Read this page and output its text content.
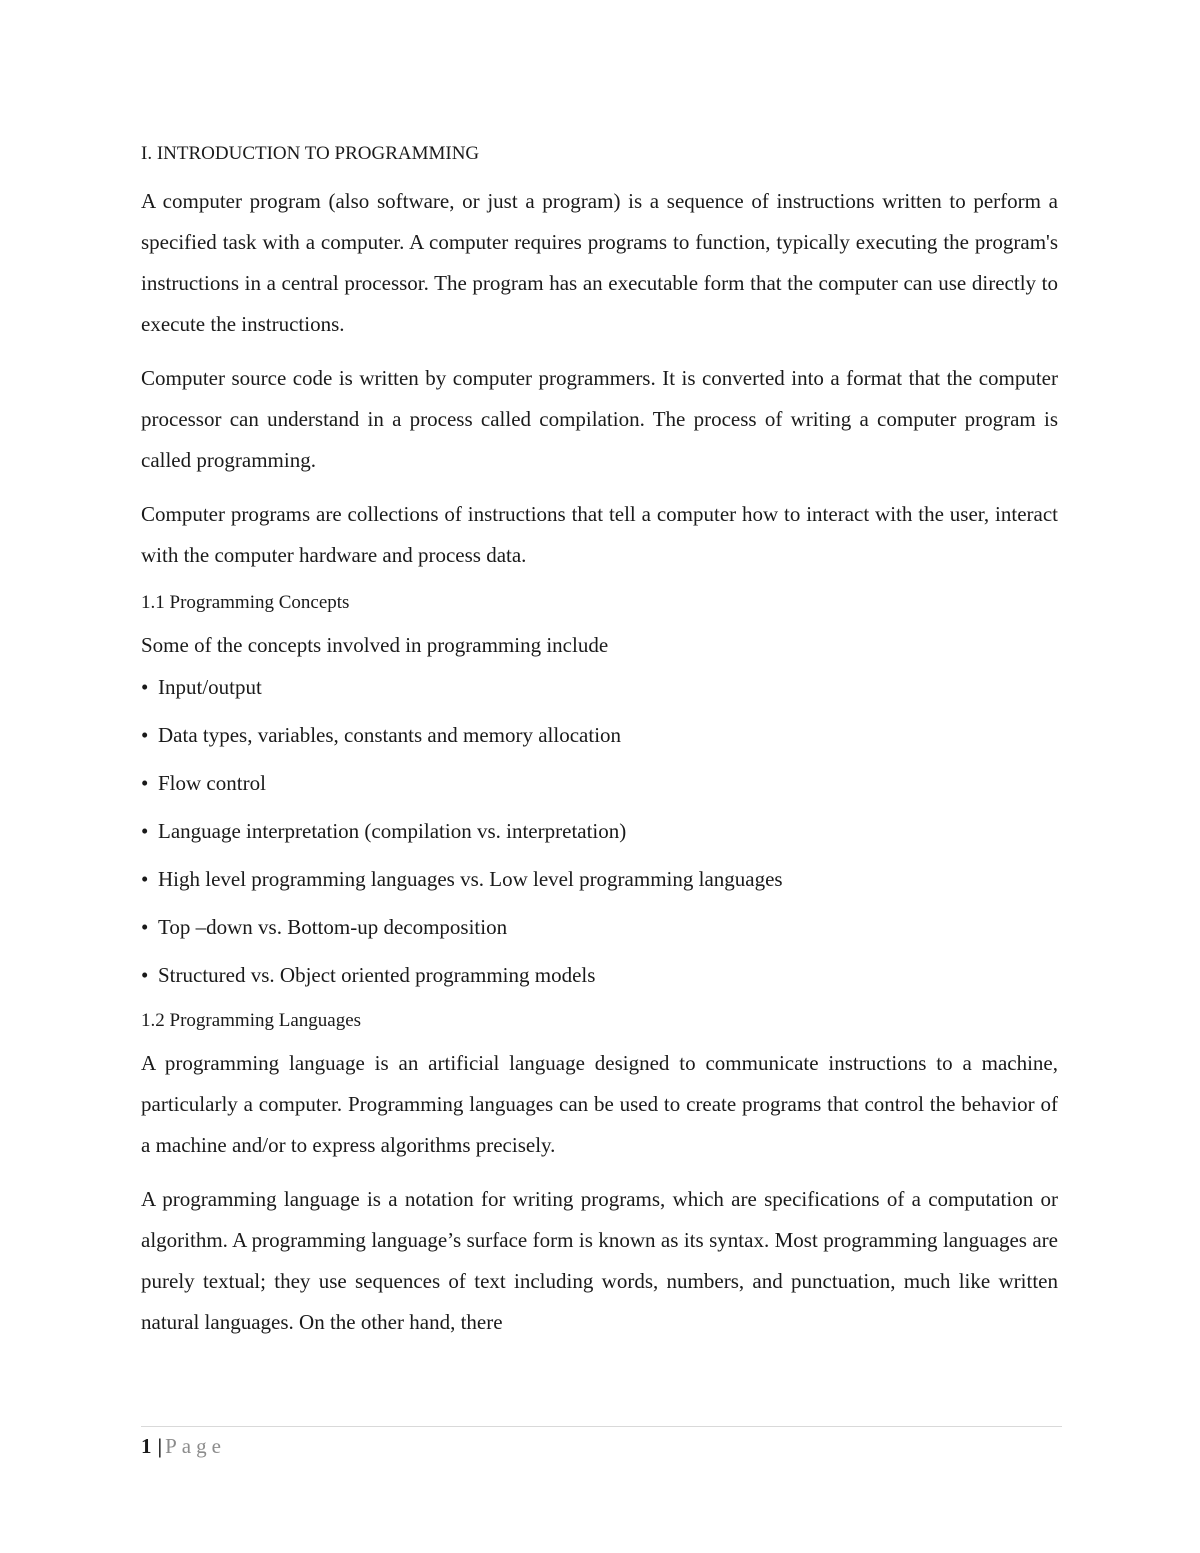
I. INTRODUCTION TO PROGRAMMING

A computer program (also software, or just a program) is a sequence of instructions written to perform a specified task with a computer. A computer requires programs to function, typically executing the program's instructions in a central processor. The program has an executable form that the computer can use directly to execute the instructions.

Computer source code is written by computer programmers. It is converted into a format that the computer processor can understand in a process called compilation. The process of writing a computer program is called programming.

Computer programs are collections of instructions that tell a computer how to interact with the user, interact with the computer hardware and process data.

1.1 Programming Concepts

Some of the concepts involved in programming include

• Input/output
• Data types, variables, constants and memory allocation
• Flow control
• Language interpretation (compilation vs. interpretation)
• High level programming languages vs. Low level programming languages
• Top –down vs. Bottom-up decomposition
• Structured vs. Object oriented programming models
1.2 Programming Languages

A programming language is an artificial language designed to communicate instructions to a machine, particularly a computer. Programming languages can be used to create programs that control the behavior of a machine and/or to express algorithms precisely.

A programming language is a notation for writing programs, which are specifications of a computation or algorithm. A programming language’s surface form is known as its syntax. Most programming languages are purely textual; they use sequences of text including words, numbers, and punctuation, much like written natural languages. On the other hand, there

1 | Page
